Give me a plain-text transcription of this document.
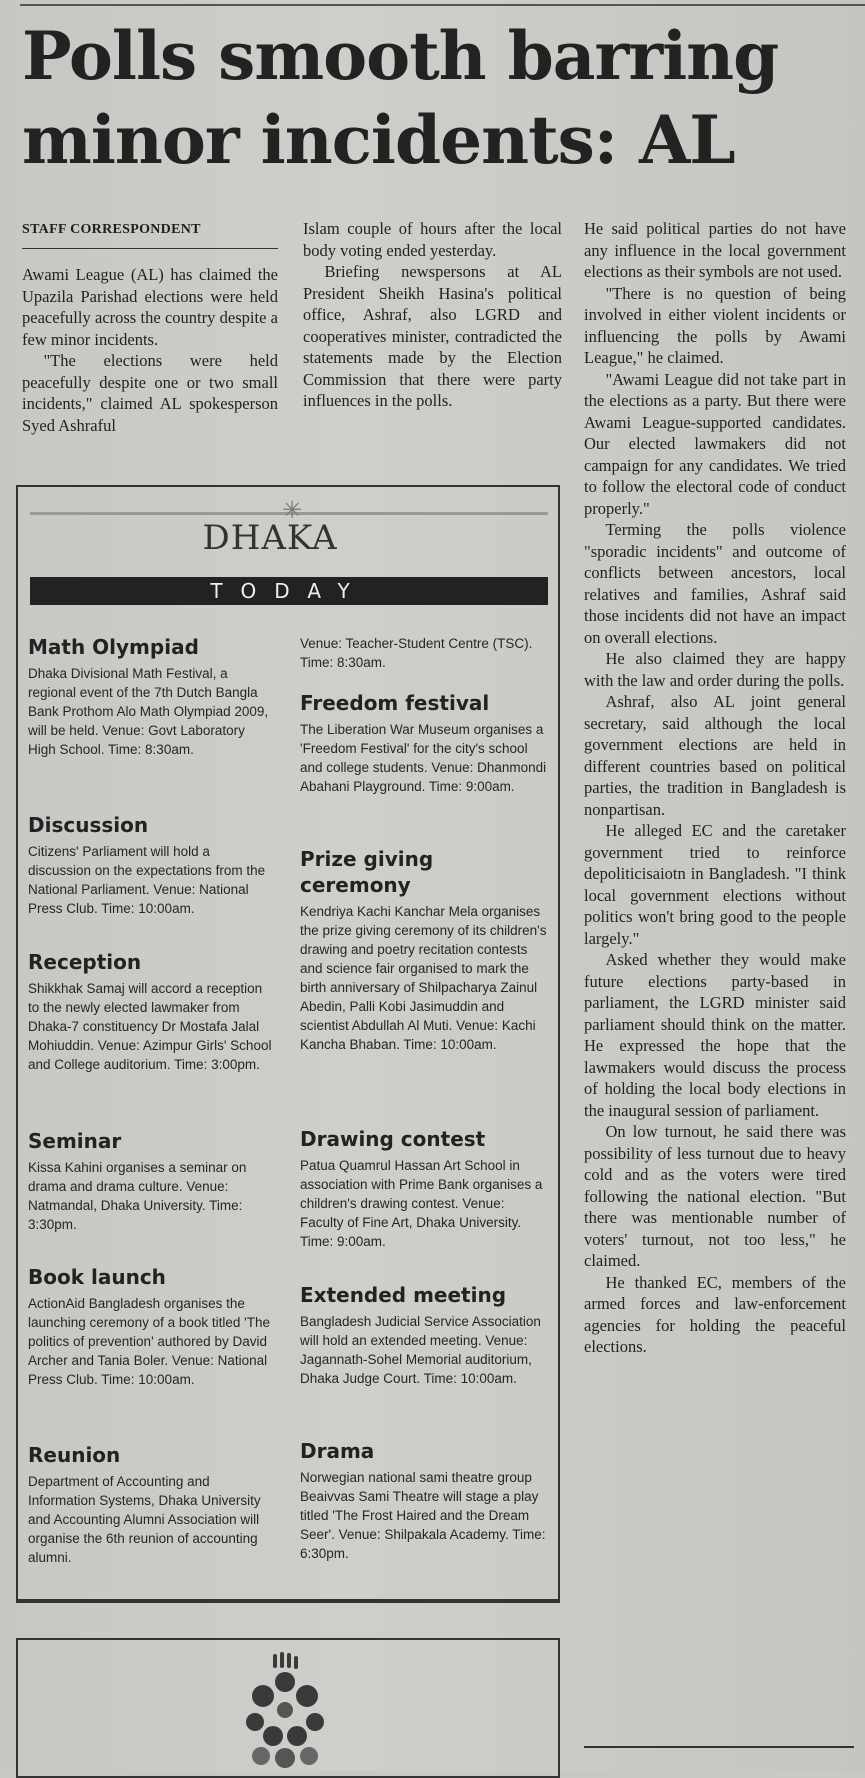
Polls smooth barring minor incidents: AL
STAFF CORRESPONDENT

Awami League (AL) has claimed the Upazila Parishad elections were held peacefully across the country despite a few minor incidents.

"The elections were held peacefully despite one or two small incidents," claimed AL spokesperson Syed Ashraful

Islam couple of hours after the local body voting ended yesterday.

Briefing newspersons at AL President Sheikh Hasina's political office, Ashraf, also LGRD and cooperatives minister, contradicted the statements made by the Election Commission that there were party influences in the polls.

He said political parties do not have any influence in the local government elections as their symbols are not used.

"There is no question of being involved in either violent incidents or influencing the polls by Awami League," he claimed.

"Awami League did not take part in the elections as a party. But there were Awami League-supported candidates. Our elected lawmakers did not campaign for any candidates. We tried to follow the electoral code of conduct properly."

Terming the polls violence "sporadic incidents" and outcome of conflicts between ancestors, local relatives and families, Ashraf said those incidents did not have an impact on overall elections.

He also claimed they are happy with the law and order during the polls.

Ashraf, also AL joint general secretary, said although the local government elections are held in different countries based on political parties, the tradition in Bangladesh is nonpartisan.

He alleged EC and the caretaker government tried to reinforce depoliticisaiotn in Bangladesh. "I think local government elections without politics won't bring good to the people largely."

Asked whether they would make future elections party-based in parliament, the LGRD minister said parliament should think on the matter. He expressed the hope that the lawmakers would discuss the process of holding the local body elections in the inaugural session of parliament.

On low turnout, he said there was possibility of less turnout due to heavy cold and as the voters were tired following the national election. "But there was mentionable number of voters' turnout, not too less," he claimed.

He thanked EC, members of the armed forces and law-enforcement agencies for holding the peaceful elections.

✳
DHAKA
TODAY
Math Olympiad

Dhaka Divisional Math Festival, a regional event of the 7th Dutch Bangla Bank Prothom Alo Math Olympiad 2009, will be held. Venue: Govt Laboratory High School. Time: 8:30am.

Discussion

Citizens' Parliament will hold a discussion on the expectations from the National Parliament. Venue: National Press Club. Time: 10:00am.

Reception

Shikkhak Samaj will accord a reception to the newly elected lawmaker from Dhaka-7 constituency Dr Mostafa Jalal Mohiuddin. Venue: Azimpur Girls' School and College auditorium. Time: 3:00pm.

Seminar

Kissa Kahini organises a seminar on drama and drama culture. Venue: Natmandal, Dhaka University. Time: 3:30pm.

Book launch

ActionAid Bangladesh organises the launching ceremony of a book titled 'The politics of prevention' authored by David Archer and Tania Boler. Venue: National Press Club. Time: 10:00am.

Reunion

Department of Accounting and Information Systems, Dhaka University and Accounting Alumni Association will organise the 6th reunion of accounting alumni.

Venue: Teacher-Student Centre (TSC). Time: 8:30am.

Freedom festival

The Liberation War Museum organises a 'Freedom Festival' for the city's school and college students. Venue: Dhanmondi Abahani Playground. Time: 9:00am.

Prize giving ceremony

Kendriya Kachi Kanchar Mela organises the prize giving ceremony of its children's drawing and poetry recitation contests and science fair organised to mark the birth anniversary of Shilpacharya Zainul Abedin, Palli Kobi Jasimuddin and scientist Abdullah Al Muti. Venue: Kachi Kancha Bhaban. Time: 10:00am.

Drawing contest

Patua Quamrul Hassan Art School in association with Prime Bank organises a children's drawing contest. Venue: Faculty of Fine Art, Dhaka University. Time: 9:00am.

Extended meeting

Bangladesh Judicial Service Association will hold an extended meeting. Venue: Jagannath-Sohel Memorial auditorium, Dhaka Judge Court. Time: 10:00am.

Drama

Norwegian national sami theatre group Beaivvas Sami Theatre will stage a play titled 'The Frost Haired and the Dream Seer'. Venue: Shilpakala Academy. Time: 6:30pm.
